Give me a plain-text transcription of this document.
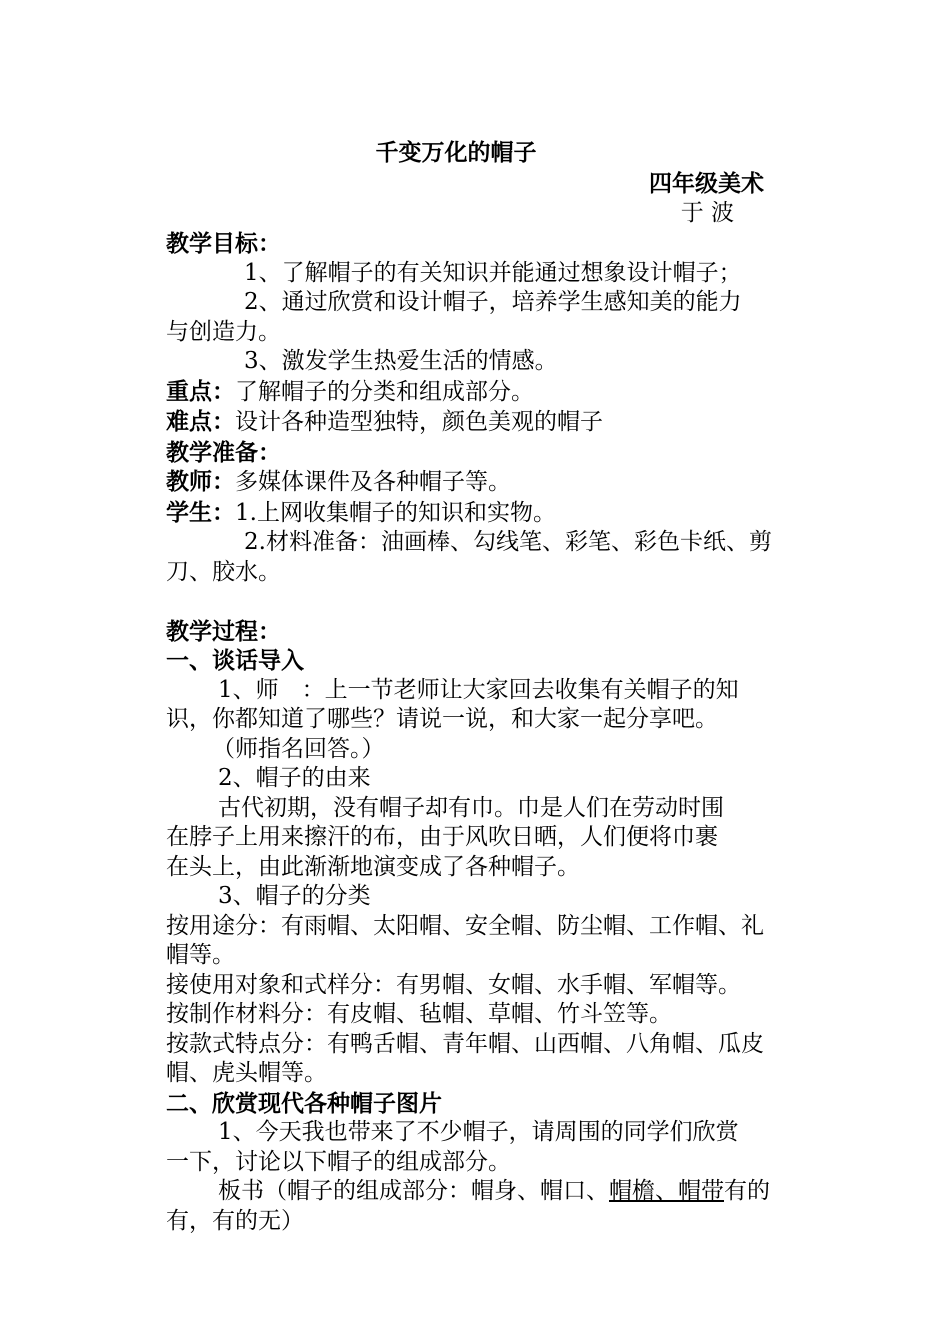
千变万化的帽子
四年级美术
于 波
教学目标：
1、了解帽子的有关知识并能通过想象设计帽子；
2、通过欣赏和设计帽子，培养学生感知美的能力
与创造力。
3、激发学生热爱生活的情感。
重点：了解帽子的分类和组成部分。
难点：设计各种造型独特，颜色美观的帽子
教学准备：
教师：多媒体课件及各种帽子等。
学生：1.上网收集帽子的知识和实物。
2.材料准备：油画棒、勾线笔、彩笔、彩色卡纸、剪
刀、胶水。
教学过程：
一、谈话导入
1、师　：上一节老师让大家回去收集有关帽子的知
识，你都知道了哪些？请说一说，和大家一起分享吧。
（师指名回答。）
2、帽子的由来
古代初期，没有帽子却有巾。巾是人们在劳动时围
在脖子上用来擦汗的布，由于风吹日晒，人们便将巾裹
在头上，由此渐渐地演变成了各种帽子。
3、帽子的分类
按用途分：有雨帽、太阳帽、安全帽、防尘帽、工作帽、礼
帽等。
接使用对象和式样分：有男帽、女帽、水手帽、军帽等。
按制作材料分：有皮帽、毡帽、草帽、竹斗笠等。
按款式特点分：有鸭舌帽、青年帽、山西帽、八角帽、瓜皮
帽、虎头帽等。
二、欣赏现代各种帽子图片
1、今天我也带来了不少帽子，请周围的同学们欣赏
一下，讨论以下帽子的组成部分。
板书（帽子的组成部分：帽身、帽口、帽檐、帽带有的
有，有的无）
